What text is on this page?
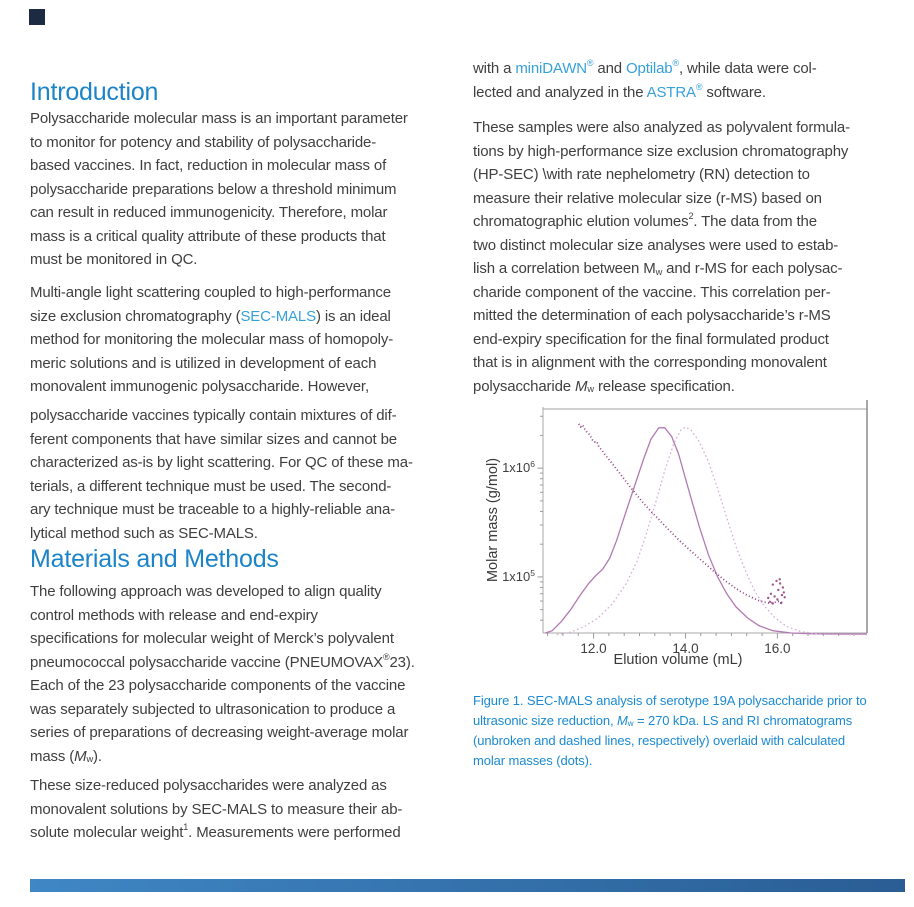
Introduction

Polysaccharide molecular mass is an important parameter
to monitor for potency and stability of polysaccharide-
based vaccines. In fact, reduction in molecular mass of
polysaccharide preparations below a threshold minimum
can result in reduced immunogenicity. Therefore, molar
mass is a critical quality attribute of these products that
must be monitored in QC.

Multi-angle light scattering coupled to high-performance
size exclusion chromatography (SEC-MALS) is an ideal
method for monitoring the molecular mass of homopoly-
meric solutions and is utilized in development of each
monovalent immunogenic polysaccharide. However,

polysaccharide vaccines typically contain mixtures of dif-
ferent components that have similar sizes and cannot be
characterized as-is by light scattering. For QC of these ma-
terials, a different technique must be used. The second-
ary technique must be traceable to a highly-reliable ana-
lytical method such as SEC-MALS.

Materials and Methods

The following approach was developed to align quality
control methods with release and end-expiry
specifications for molecular weight of Merck’s polyvalent
pneumococcal polysaccharide vaccine (PNEUMOVAX®23).
Each of the 23 polysaccharide components of the vaccine
was separately subjected to ultrasonication to produce a
series of preparations of decreasing weight-average molar
mass $(M_w)$.

These size-reduced polysaccharides were analyzed as
monovalent solutions by SEC-MALS to measure their ab-
solute molecular weight$^1$. Measurements were performed

with a miniDAWN® and Optilab®, while data were col-
lected and analyzed in the ASTRA® software.

These samples were also analyzed as polyvalent formula-
tions by high-performance size exclusion chromatography
(HP-SEC) \with rate nephelometry (RN) detection to
measure their relative molecular size (r-MS) based on
chromatographic elution volumes$^2$. The data from the
two distinct molecular size analyses were used to estab-
lish a correlation between $M_w$ and r-MS for each polysac-
charide component of the vaccine. This correlation per-
mitted the determination of each polysaccharide’s r-MS
end-expiry specification for the final formulated product
that is in alignment with the corresponding monovalent
polysaccharide $M_w$ release specification.

12.0	14.0	16.0
$1x10^6$
$1x10^5$
Elution volume (mL)
Molar mass (g/mol)

Figure 1. SEC-MALS analysis of serotype 19A polysaccharide prior to
ultrasonic size reduction, $M_w = 270$ kDa. LS and RI chromatograms
(unbroken and dashed lines, respectively) overlaid with calculated
molar masses (dots).
